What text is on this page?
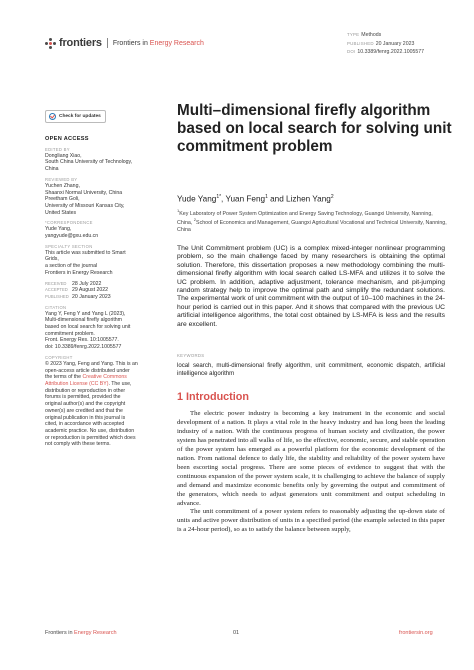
frontiers Frontiers in Energy Research
TYPE Methods
PUBLISHED 20 January 2023
DOI 10.3389/fenrg.2022.1005577
Check for updates
OPEN ACCESS
EDITED BY
Dongliang Xiao,
South China University of Technology,
China
REVIEWED BY
Yuchen Zhang,
Shaanxi Normal University, China
Preetham Goli,
University of Missouri Kansas City,
United States
*CORRESPONDENCE
Yude Yang,
yangyude@gxu.edu.cn
SPECIALTY SECTION
This article was submitted to Smart
Grids,
a section of the journal
Frontiers in Energy Research
RECEIVED	28 July 2022
ACCEPTED 29 August 2022
PUBLISHED 20 January 2023
CITATION
Yang Y, Feng Y and Yang L (2023),
Multi-dimensional firefly algorithm
based on local search for solving unit
commitment problem.
Front. Energy Res. 10:1005577.
doi: 10.3389/fenrg.2022.1005577
COPYRIGHT
© 2023 Yang, Feng and Yang. This is an
open-access article distributed under
the terms of the Creative Commons
Attribution License (CC BY). The use,
distribution or reproduction in other
forums is permitted, provided the
original author(s) and the copyright
owner(s) are credited and that the
original publication in this journal is
cited, in accordance with accepted
academic practice. No use, distribution
or reproduction is permitted which does
not comply with these terms.
Multi–dimensional firefly algorithm based on local search for solving unit commitment problem
Yude Yang$^{1*}$, Yuan Feng$^1$ and Lizhen Yang$^2$
$^1$Key Laboratory of Power System Optimization and Energy Saving Technology, Guangxi University, Nanning, China, $^2$School of Economics and Management, Guangxi Agricultural Vocational and Technical University, Nanning, China

The Unit Commitment problem (UC) is a complex mixed-integer nonlinear programming problem, so the main challenge faced by many researchers is obtaining the optimal solution. Therefore, this dissertation proposes a new methodology combining the multi-dimensional firefly algorithm with local search called LS-MFA and utilizes it to solve the UC problem. In addition, adaptive adjustment, tolerance mechanism, and pit-jumping random strategy help to improve the optimal path and simplify the redundant solutions. The experimental work of unit commitment with the output of 10–100 machines in the 24-hour period is carried out in this paper. And it shows that compared with the previous UC artificial intelligence algorithms, the total cost obtained by LS-MFA is less and the results are excellent.

KEYWORDS

local search, multi-dimensional firefly algorithm, unit commitment, economic dispatch, artificial intelligence algorithm

1 Introduction

The electric power industry is becoming a key instrument in the economic and social development of a nation. It plays a vital role in the heavy industry and has long been the leading industry of a nation. With the continuous progress of human society and civilization, the power system has penetrated into all walks of life, so the effective, economic, secure, and stable operation of the power system has emerged as a powerful platform for the economic development of the nation. From national defence to daily life, the stability and reliability of the power system have been escorting social progress. There are some pieces of evidence to suggest that with the continuous expansion of the power system scale, it is challenging to achieve the balance of supply and demand and maximize economic benefits only by governing the output and commitment of the generators, which needs to adjust generators unit commitment and output scheduling in advance.

The unit commitment of a power system refers to reasonably adjusting the up-down state of units and active power distribution of units in a specified period (the example selected in this paper is a 24-hour period), so as to satisfy the balance between supply,

Frontiers in Energy Research	01	frontiersin.org
